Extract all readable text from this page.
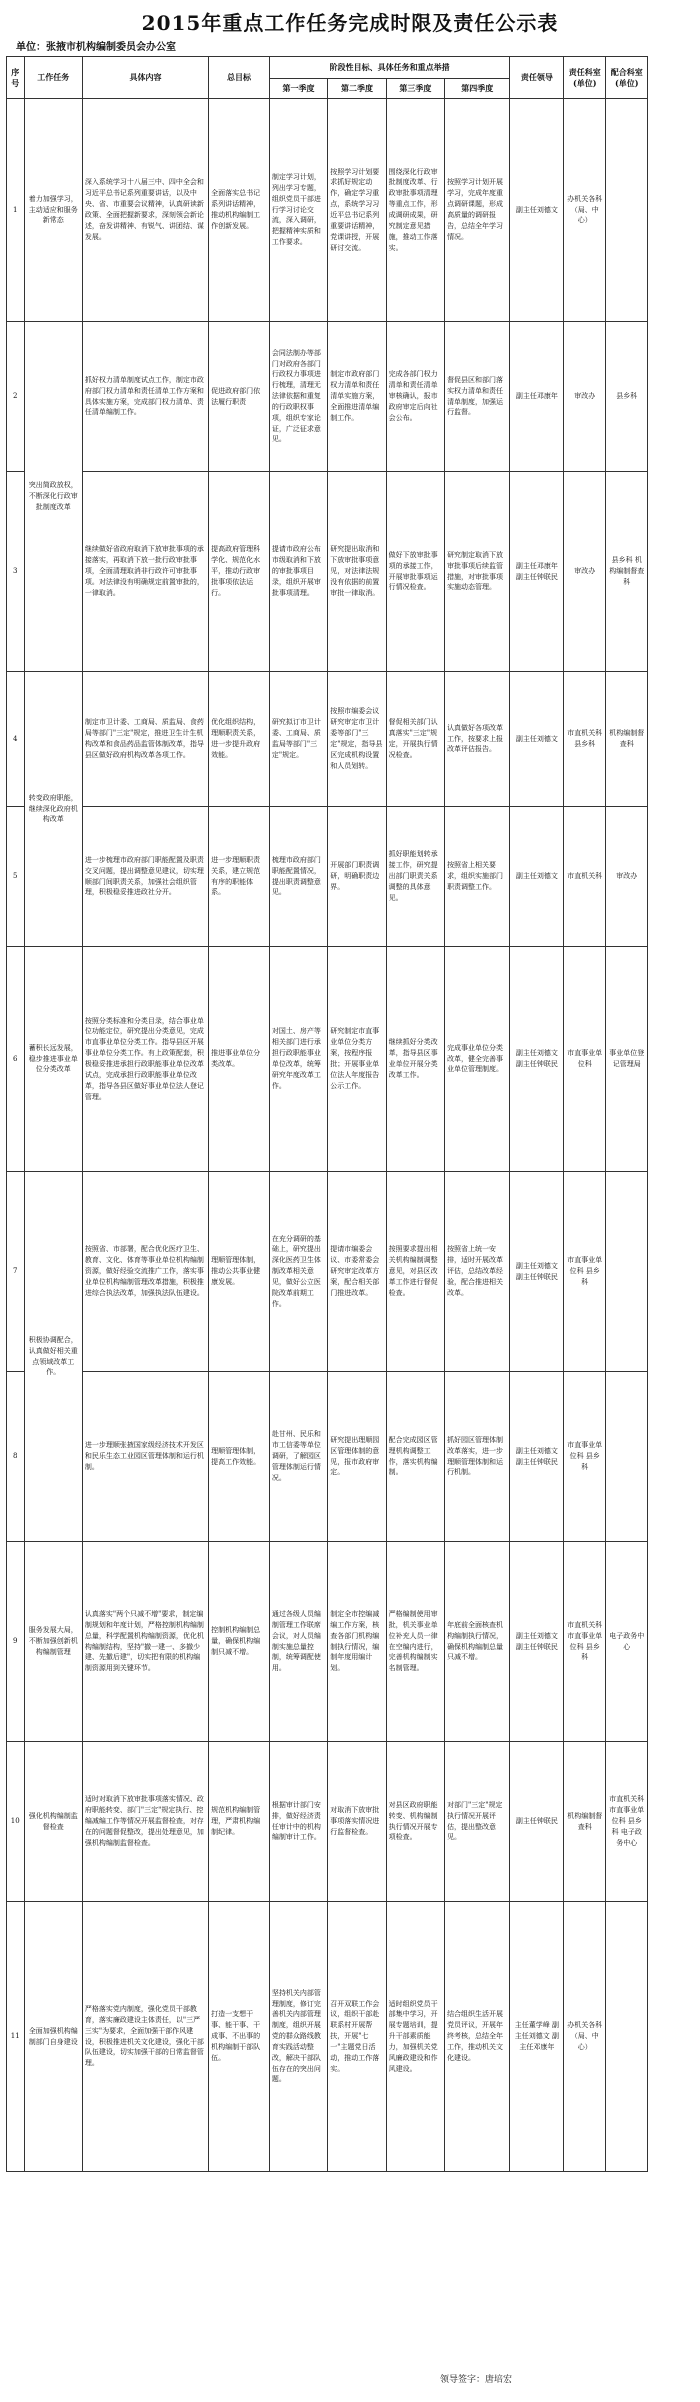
2015年重点工作任务完成时限及责任公示表
单位：张掖市机构编制委员会办公室
序号	工作任务	具体内容	总目标	阶段性目标、具体任务和重点举措				责任领导	责任科室(单位)	配合科室(单位)
				第一季度	第二季度	第三季度	第四季度			
1	着力加强学习，主动适应和服务新常态	深入系统学习十八届三中、四中全会和习近平总书记系列重要讲话，以及中央、省、市重要会议精神，认真研读新政策、全面把握新要求，深刻领会新论述，奋发讲精神、有锐气、讲团结、谋发展。	全面落实总书记系列讲话精神，推动机构编制工作创新发展。	制定学习计划，列出学习专题，组织党员干部进行学习讨论交流，深入调研，把握精神实质和工作要求。	按照学习计划要求抓好规定动作，确定学习重点，系统学习习近平总书记系列重要讲话精神，党课讲授，开展研讨交流。	围绕深化行政审批制度改革、行政审批事项清理等重点工作，形成调研成果，研究制定意见措施，推动工作落实。	按照学习计划开展学习，完成年度重点调研课题，形成高质量的调研报告，总结全年学习情况。	副主任刘德文	办机关各科（局、中心）	
2	突出简政放权，不断深化行政审批制度改革	抓好权力清单制度试点工作，制定市政府部门权力清单和责任清单工作方案和具体实施方案，完成部门权力清单、责任清单编制工作。	促进政府部门依法履行职责	会同法制办等部门对政府各部门行政权力事项进行梳理，清理无法律依据和重复的行政职权事项，组织专家论证，广泛征求意见。	制定市政府部门权力清单和责任清单实施方案，全面推进清单编制工作。	完成各部门权力清单和责任清单审核确认，报市政府审定后向社会公布。	督促县区和部门落实权力清单和责任清单制度，加强运行监督。	副主任邓康年	审改办	县乡科
3		继续做好省政府取消下放审批事项的承接落实，再取消下放一批行政审批事项，全面清理取消非行政许可审批事项。对法律没有明确规定前置审批的，一律取消。	提高政府管理科学化、规范化水平，推动行政审批事项依法运行。	提请市政府公布市级取消和下放的审批事项目录，组织开展审批事项清理。	研究提出取消和下放审批事项意见，对法律法规没有依据的前置审批一律取消。	做好下放审批事项的承接工作，开展审批事项运行情况检查。	研究制定取消下放审批事项后续监管措施，对审批事项实施动态管理。	副主任邓康年 副主任钟联民	审改办	县乡科 机构编制督查科
4	转变政府职能，继续深化政府机构改革	制定市卫计委、工商局、质监局、食药局等部门"三定"规定，推进卫生计生机构改革和食品药品监管体制改革，指导县区做好政府机构改革各项工作。	优化组织结构，理顺职责关系，进一步提升政府效能。	研究拟订市卫计委、工商局、质监局等部门"三定"规定。	按照市编委会议研究审定市卫计委等部门"三定"规定，指导县区完成机构设置和人员划转。	督促相关部门认真落实"三定"规定，开展执行情况检查。	认真做好各项改革工作，按要求上报改革评估报告。	副主任刘德文	市直机关科 县乡科	机构编制督查科
5		进一步梳理市政府部门职能配置及职责交叉问题，提出调整意见建议，切实理顺部门间职责关系，加强社会组织管理，积极稳妥推进政社分开。	进一步理顺职责关系，建立规范有序的职能体系。	梳理市政府部门职能配置情况，提出职责调整意见。	开展部门职责调研，明确职责边界。	抓好职能划转承接工作，研究提出部门职责关系调整的具体意见。	按照省上相关要求，组织实施部门职责调整工作。	副主任刘德文	市直机关科	审改办
6	蓄积长远发展，稳步推进事业单位分类改革	按照分类标准和分类目录，结合事业单位功能定位，研究提出分类意见，完成市直事业单位分类工作。指导县区开展事业单位分类工作。有上政策配套，积极稳妥推进承担行政职能事业单位改革试点，完成承担行政职能事业单位改革，指导各县区做好事业单位法人登记管理。	推进事业单位分类改革。	对国土、房产等相关部门进行承担行政职能事业单位改革，统筹研究年度改革工作。	研究制定市直事业单位分类方案，按程序报批；开展事业单位法人年度报告公示工作。	继续抓好分类改革，指导县区事业单位开展分类改革工作。	完成事业单位分类改革，健全完善事业单位管理制度。	副主任刘德文 副主任钟联民	市直事业单位科	事业单位登记管理局
7	积极协调配合，认真做好相关重点领域改革工作。	按照省、市部署，配合优化医疗卫生、教育、文化、体育等事业单位机构编制资源，做好经验交流推广工作，落实事业单位机构编制管理改革措施，积极推进综合执法改革，加强执法队伍建设。	理顺管理体制，推动公共事业健康发展。	在充分调研的基础上，研究提出深化医药卫生体制改革相关意见，做好公立医院改革前期工作。	提请市编委会议、市委常委会研究审定改革方案，配合相关部门推进改革。	按照要求提出相关机构编制调整意见，对县区改革工作进行督促检查。	按照省上统一安排，适时开展改革评估，总结改革经验，配合推进相关改革。	副主任刘德文 副主任钟联民	市直事业单位科 县乡科	
8		进一步理顺张掖国家级经济技术开发区和民乐生态工业园区管理体制和运行机制。	理顺管理体制，提高工作效能。	赴甘州、民乐和市工信委等单位调研，了解园区管理体制运行情况。	研究提出理顺园区管理体制的意见，报市政府审定。	配合完成园区管理机构调整工作，落实机构编制。	抓好园区管理体制改革落实，进一步理顺管理体制和运行机制。	副主任刘德文 副主任钟联民	市直事业单位科 县乡科	
9	服务发展大局，不断加强创新机构编制管理	认真落实"两个只减不增"要求，制定编制规划和年度计划，严格控制机构编制总量，科学配置机构编制资源，优化机构编制结构，坚持"撤一建一、多撤少建、先撤后建"，切实把有限的机构编制资源用到关键环节。	控制机构编制总量，确保机构编制只减不增。	通过各级人员编制管理工作联席会议，对人员编制实施总量控制，统筹调配使用。	制定全市控编减编工作方案，核查各部门机构编制执行情况，编制年度用编计划。	严格编制使用审批，机关事业单位补充人员一律在空编内进行，完善机构编制实名制管理。	年底前全面核查机构编制执行情况，确保机构编制总量只减不增。	副主任刘德文 副主任钟联民	市直机关科 市直事业单位科 县乡科	电子政务中心
10	强化机构编制监督检查	适时对取消下放审批事项落实情况、政府职能转变、部门"三定"规定执行、控编减编工作等情况开展监督检查，对存在的问题督促整改，提出处理意见，加强机构编制监督检查。	规范机构编制管理，严肃机构编制纪律。	根据审计部门安排，做好经济责任审计中的机构编制审计工作。	对取消下放审批事项落实情况进行监督检查。	对县区政府职能转变、机构编制执行情况开展专项检查。	对部门"三定"规定执行情况开展评估，提出整改意见。	副主任钟联民	机构编制督查科	市直机关科 市直事业单位科 县乡科 电子政务中心
11	全面加强机构编制部门自身建设	严格落实党内制度，强化党员干部教育，落实廉政建设主体责任，以"三严三实"为要求，全面加强干部作风建设，积极推进机关文化建设，强化干部队伍建设，切实加强干部的日常监督管理。	打造一支想干事、能干事、干成事、不出事的机构编制干部队伍。	坚持机关内部管理制度，修订完善机关内部管理制度，组织开展党的群众路线教育实践活动整改，解决干部队伍存在的突出问题。	召开双联工作会议，组织干部赴联系村开展帮扶，开展"七一"主题党日活动，推动工作落实。	适时组织党员干部集中学习，开展专题培训，提升干部素质能力，加强机关党风廉政建设和作风建设。	结合组织生活开展党员评议，开展年终考核，总结全年工作，推动机关文化建设。	主任董学峰 副主任刘德文 副主任邓康年	办机关各科（局、中心）	
领导签字：唐培宏
